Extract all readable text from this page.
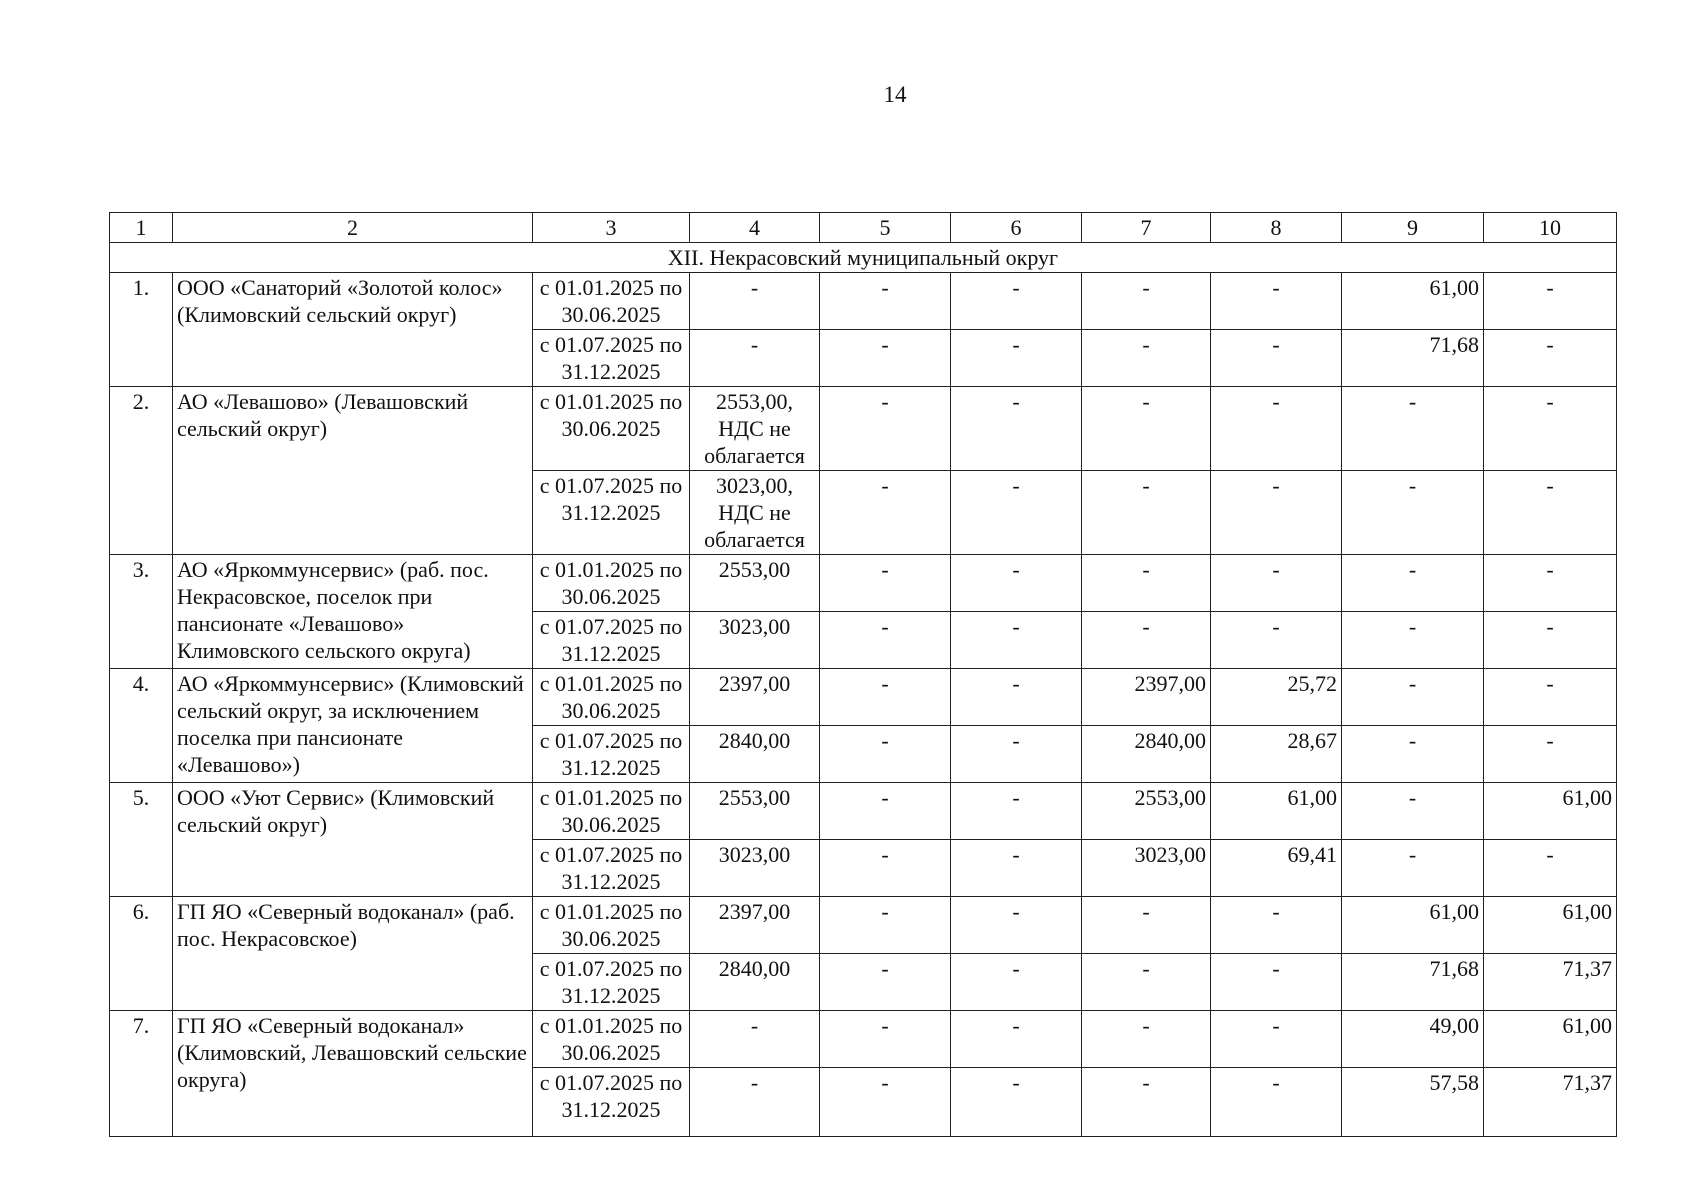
14
1	2	3	4	5	6	7	8	9	10
XII. Некрасовский муниципальный округ									
1.	ООО «Санаторий «Золотой колос» (Климовский сельский округ)	с 01.01.2025 по 30.06.2025	-	-	-	-	-	61,00	-
		с 01.07.2025 по 31.12.2025	-	-	-	-	-	71,68	-
2.	АО «Левашово» (Левашовский сельский округ)	с 01.01.2025 по 30.06.2025	2553,00, НДС не облагается	-	-	-	-	-	-
		с 01.07.2025 по 31.12.2025	3023,00, НДС не облагается	-	-	-	-	-	-
3.	АО «Яркоммунсервис» (раб. пос. Некрасовское, поселок при пансионате «Левашово» Климовского сельского округа)	с 01.01.2025 по 30.06.2025	2553,00	-	-	-	-	-	-
		с 01.07.2025 по 31.12.2025	3023,00	-	-	-	-	-	-
4.	АО «Яркоммунсервис» (Климовский сельский округ, за исключением поселка при пансионате «Левашово»)	с 01.01.2025 по 30.06.2025	2397,00	-	-	2397,00	25,72	-	-
		с 01.07.2025 по 31.12.2025	2840,00	-	-	2840,00	28,67	-	-
5.	ООО «Уют Сервис» (Климовский сельский округ)	с 01.01.2025 по 30.06.2025	2553,00	-	-	2553,00	61,00	-	61,00
		с 01.07.2025 по 31.12.2025	3023,00	-	-	3023,00	69,41	-	-
6.	ГП ЯО «Северный водоканал» (раб. пос. Некрасовское)	с 01.01.2025 по 30.06.2025	2397,00	-	-	-	-	61,00	61,00
		с 01.07.2025 по 31.12.2025	2840,00	-	-	-	-	71,68	71,37
7.	ГП ЯО «Северный водоканал» (Климовский, Левашовский сельские округа)	с 01.01.2025 по 30.06.2025	-	-	-	-	-	49,00	61,00
		с 01.07.2025 по 31.12.2025	-	-	-	-	-	57,58	71,37
